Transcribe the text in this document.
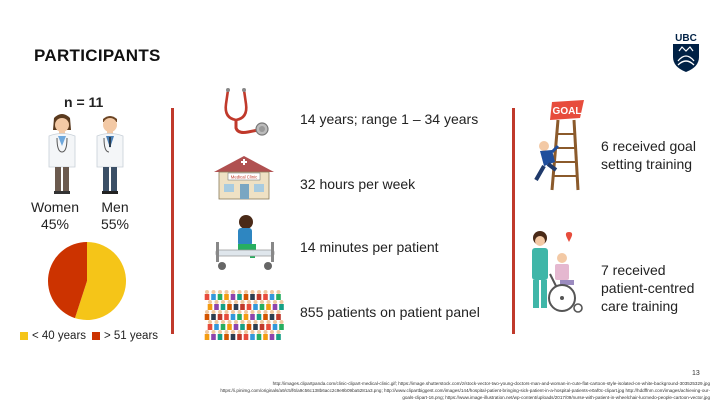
PARTICIPANTS
UBC
n = 11
Women
45%
Men
55%
< 40 years > 51 years
Medical Clinic
14 years; range 1 – 34 years
32 hours per week
14 minutes per patient
855 patients on patient panel
GOAL
6 received goal
setting training
7 received
patient-centred
care training
13
http://images.clipartpanda.com/clinic-clipart-medical-clinic.gif; https://image.shutterstock.com/z/stock-vector-two-young-doctors-man-and-woman-in-cute-flat-cartoon-style-isolated-on-white-background-303525329.jpg https://i.pinimg.com/originals/a9/c5/f6/a9c56c138b6acc2c9e9b09ba5281a3.png; http://www.clipartbiggest.com/images/144/hospital-patient-bringing-sick-patient-in-a-hospital-patients-e0af0c-clipart.jpg http://hddffnm.com/images/achieving-our-goals-clipart-16.png; https://www.image-illustration.net/wp-content/uploads/2017/09/nurse-with-patient-in-wheelchair-lucmedo-people-cartoon-vector.jpg
